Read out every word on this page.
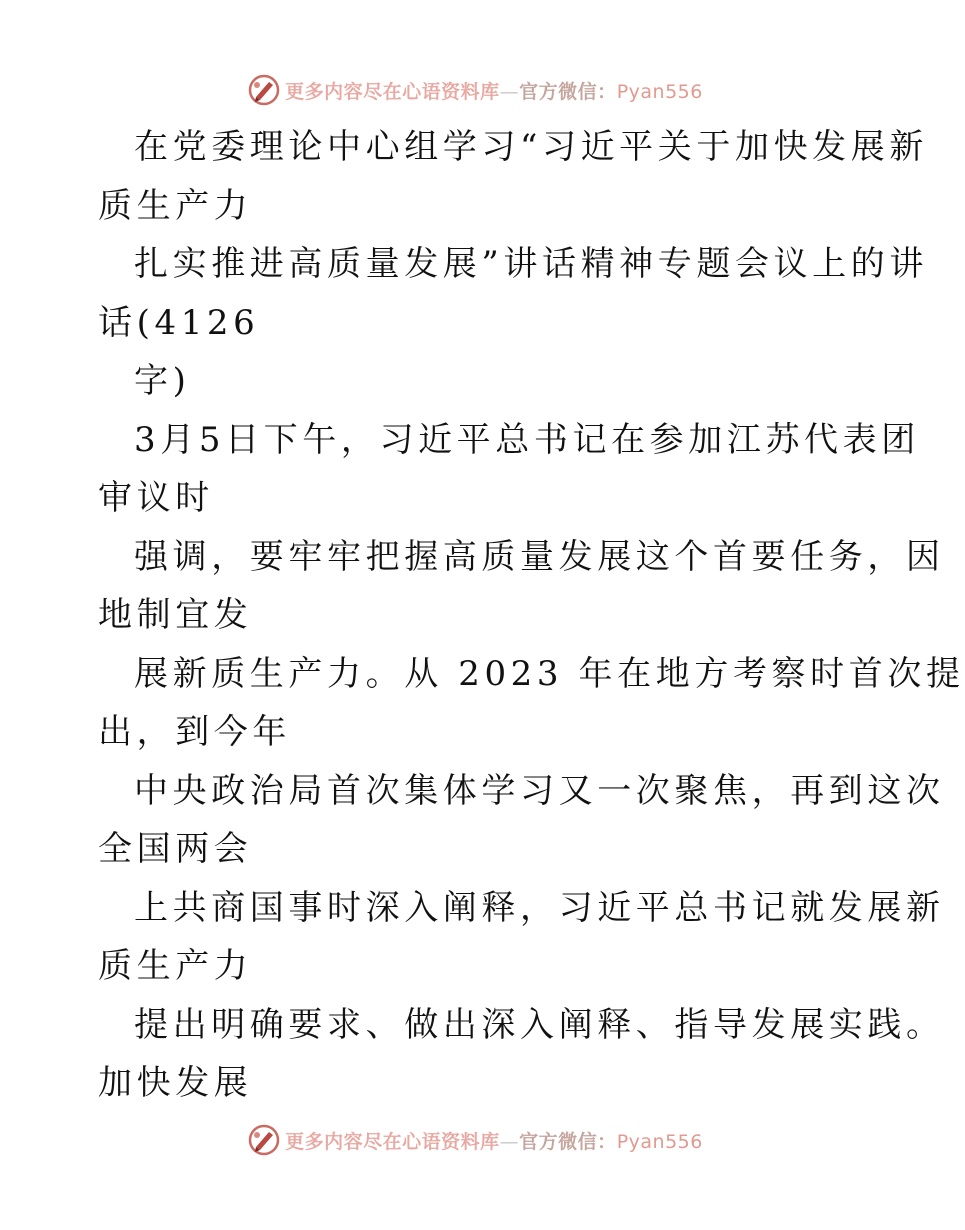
更多内容尽在心语资料库—官方微信：Pyan556
在党委理论中心组学习“习近平关于加快发展新
质生产力
扎实推进高质量发展”讲话精神专题会议上的讲
话(4126
字)
3月5日下午，习近平总书记在参加江苏代表团
审议时
强调，要牢牢把握高质量发展这个首要任务，因
地制宜发
展新质生产力。从 2023 年在地方考察时首次提
出，到今年
中央政治局首次集体学习又一次聚焦，再到这次
全国两会
上共商国事时深入阐释，习近平总书记就发展新
质生产力
提出明确要求、做出深入阐释、指导发展实践。
加快发展
更多内容尽在心语资料库—官方微信：Pyan556
